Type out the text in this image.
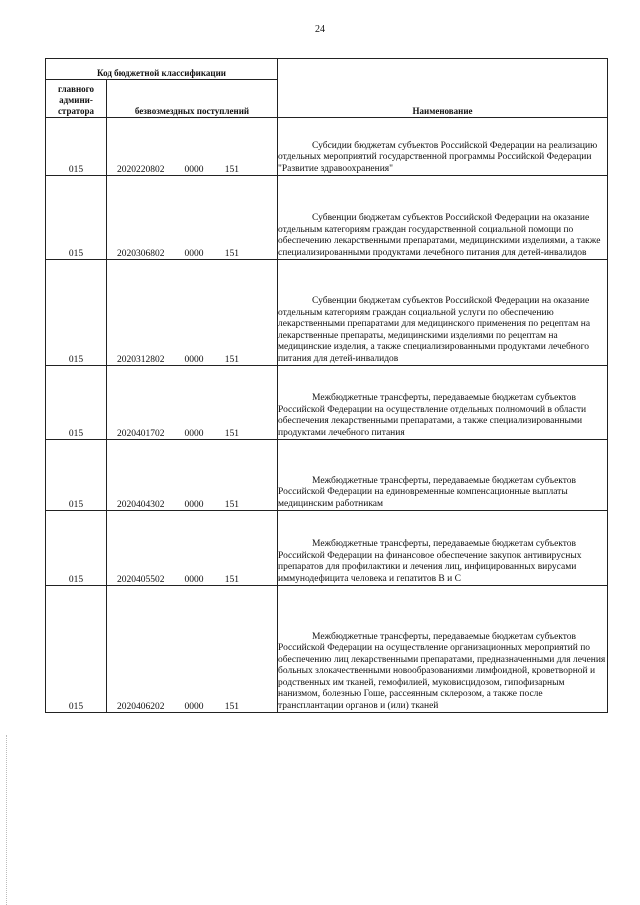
24
Код бюджетной классификации		Наименование
главного админи-стратора	безвозмездных поступлений	
015	2020220802 0000 151	Субсидии бюджетам субъектов Российской Федерации на реализацию отдельных мероприятий государственной программы Российской Федерации "Развитие здравоохранения"
015	2020306802 0000 151	Субвенции бюджетам субъектов Российской Федерации на оказание отдельным категориям граждан государственной социальной помощи по обеспечению лекарственными препаратами, медицинскими изделиями, а также специализированными продуктами лечебного питания для детей-инвалидов
015	2020312802 0000 151	Субвенции бюджетам субъектов Российской Федерации на оказание отдельным категориям граждан социальной услуги по обеспечению лекарственными препаратами для медицинского применения по рецептам на лекарственные препараты, медицинскими изделиями по рецептам на медицинские изделия, а также специализированными продуктами лечебного питания для детей-инвалидов
015	2020401702 0000 151	Межбюджетные трансферты, передаваемые бюджетам субъектов Российской Федерации на осуществление отдельных полномочий в области обеспечения лекарственными препаратами, а также специализированными продуктами лечебного питания
015	2020404302 0000 151	Межбюджетные трансферты, передаваемые бюджетам субъектов Российской Федерации на единовременные компенсационные выплаты медицинским работникам
015	2020405502 0000 151	Межбюджетные трансферты, передаваемые бюджетам субъектов Российской Федерации на финансовое обеспечение закупок антивирусных препаратов для профилактики и лечения лиц, инфицированных вирусами иммунодефицита человека и гепатитов В и С
015	2020406202 0000 151	Межбюджетные трансферты, передаваемые бюджетам субъектов Российской Федерации на осуществление организационных мероприятий по обеспечению лиц лекарственными препаратами, предназначенными для лечения больных злокачественными новообразованиями лимфоидной, кроветворной и родственных им тканей, гемофилией, муковисцидозом, гипофизарным нанизмом, болезнью Гоше, рассеянным склерозом, а также после трансплантации органов и (или) тканей
